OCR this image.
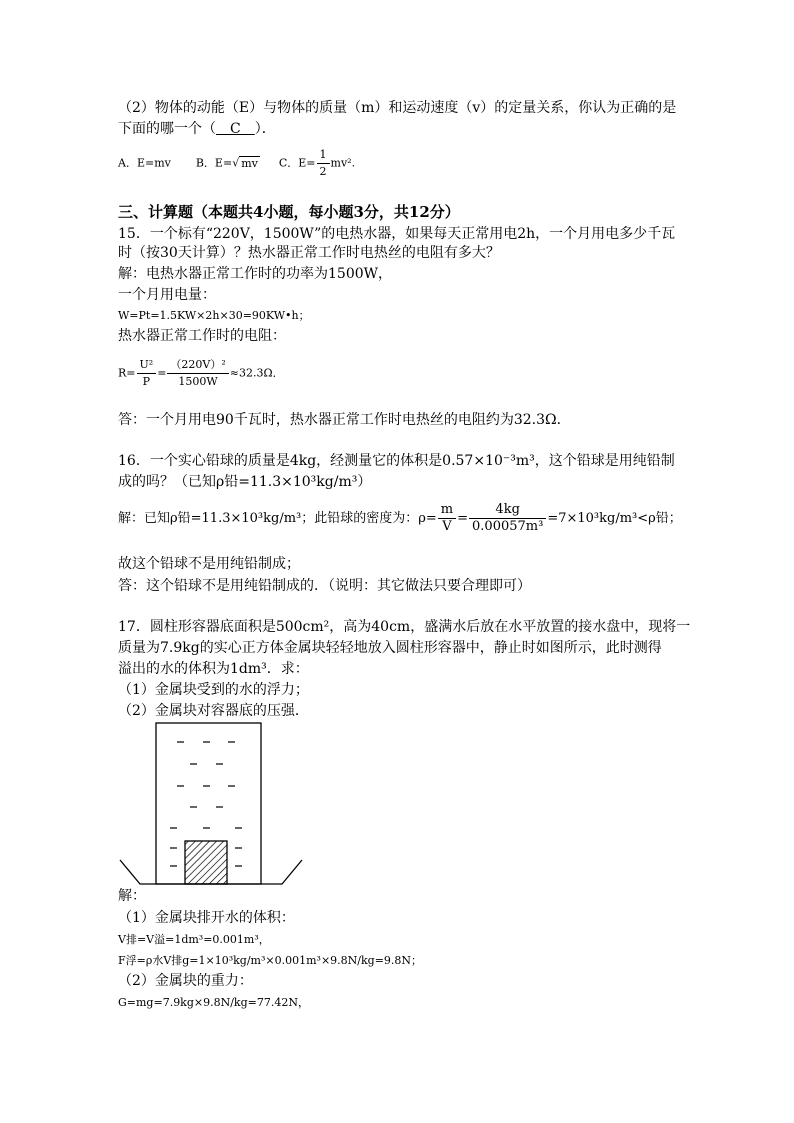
（2）物体的动能（E）与物体的质量（m）和运动速度（v）的定量关系，你认为正确的是
下面的哪一个（　C　）．
A．E=mv B．E=√ mv C．$E= \frac{1}{2} mv^2$.
三、计算题（本题共4小题，每小题3分，共12分）
15．一个标有“220V，1500W”的电热水器，如果每天正常用电2h，一个月用电多少千瓦
时（按30天计算）？热水器正常工作时电热丝的电阻有多大？
解：电热水器正常工作时的功率为1500W，
一个月用电量：
W=Pt=1.5KW×2h×30=90KW•h；
热水器正常工作时的电阻：
$R= \frac{\text{U²}}{P} = \frac{\text{（220V）²}}{1500W} \approx 32.3\Omega$．
答：一个月用电90千瓦时，热水器正常工作时电热丝的电阻约为32.3Ω．
16．一个实心铅球的质量是4kg，经测量它的体积是0.57×10⁻³m³，这个铅球是用纯铅制
成的吗？（已知ρ铅=11.3×10³kg/m³）
解：已知ρ铅=11.3×10³kg/m³；此铅球的密度为：$\rho= \frac{m}{V} = \frac{4kg}{\text{0.00057m³}} =7\times 10^3kg/m^3<\rho$铅；
故这个铅球不是用纯铅制成；
答：这个铅球不是用纯铅制成的．（说明：其它做法只要合理即可）
17．圆柱形容器底面积是500cm²，高为40cm，盛满水后放在水平放置的接水盘中，现将一
质量为7.9kg的实心正方体金属块轻轻地放入圆柱形容器中，静止时如图所示，此时测得
溢出的水的体积为1dm³．求：
（1）金属块受到的水的浮力；
（2）金属块对容器底的压强．
解：
（1）金属块排开水的体积：
V排=V溢=1dm³=0.001m³，
F浮=ρ水V排g=1×10³kg/m³×0.001m³×9.8N/kg=9.8N；
（2）金属块的重力：
G=mg=7.9kg×9.8N/kg=77.42N，
